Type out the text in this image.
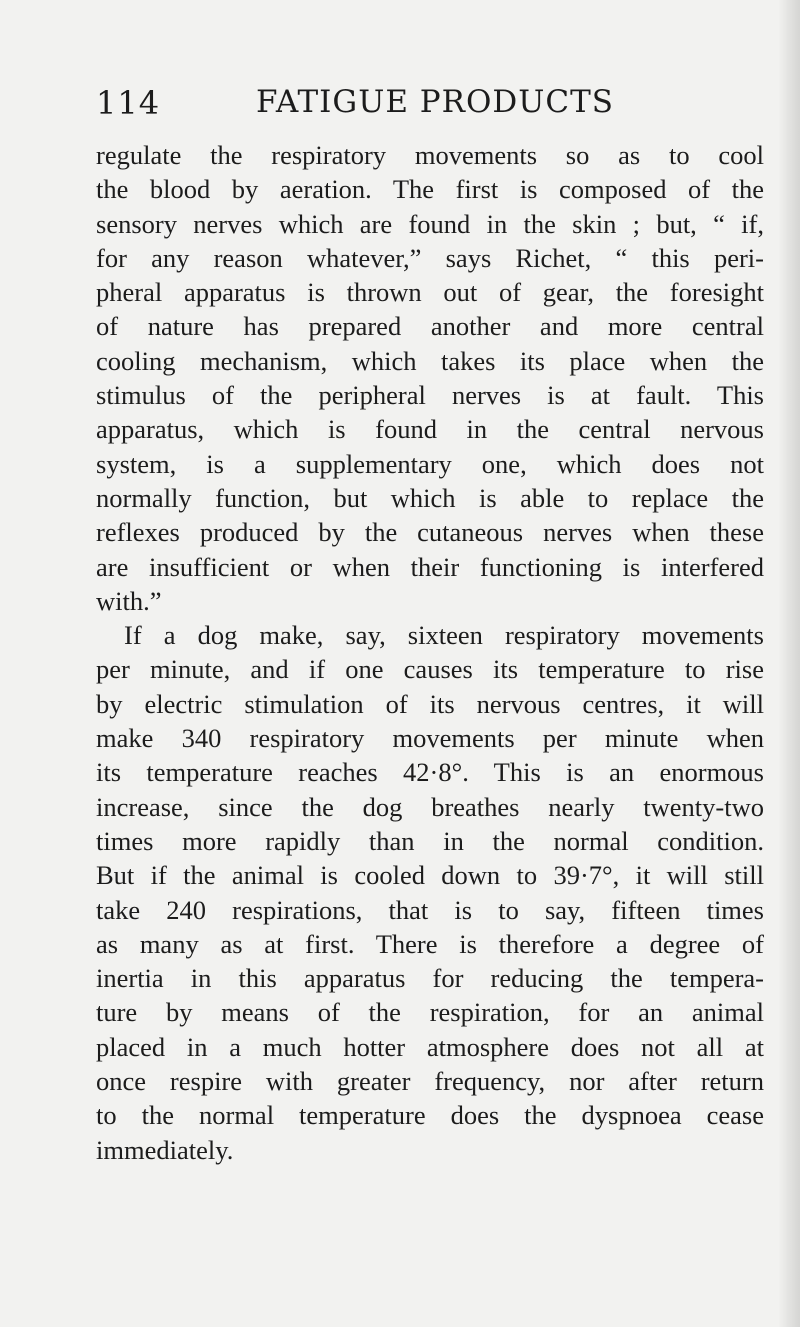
114	FATIGUE PRODUCTS
regulate the respiratory movements so as to cool
the blood by aeration. The first is composed of the
sensory nerves which are found in the skin ; but, “ if,
for any reason whatever,” says Richet, “ this peri-
pheral apparatus is thrown out of gear, the foresight
of nature has prepared another and more central
cooling mechanism, which takes its place when the
stimulus of the peripheral nerves is at fault. This
apparatus, which is found in the central nervous
system, is a supplementary one, which does not
normally function, but which is able to replace the
reflexes produced by the cutaneous nerves when these
are insufficient or when their functioning is interfered
with.”
If a dog make, say, sixteen respiratory movements
per minute, and if one causes its temperature to rise
by electric stimulation of its nervous centres, it will
make 340 respiratory movements per minute when
its temperature reaches 42·8°. This is an enormous
increase, since the dog breathes nearly twenty-two
times more rapidly than in the normal condition.
But if the animal is cooled down to 39·7°, it will still
take 240 respirations, that is to say, fifteen times
as many as at first. There is therefore a degree of
inertia in this apparatus for reducing the tempera-
ture by means of the respiration, for an animal
placed in a much hotter atmosphere does not all at
once respire with greater frequency, nor after return
to the normal temperature does the dyspnoea cease
immediately.
